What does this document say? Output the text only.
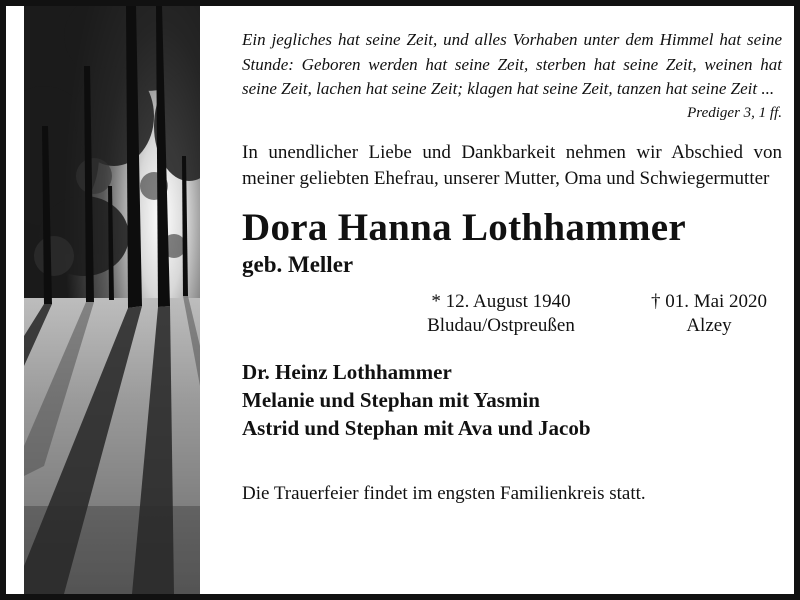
Ein jegliches hat seine Zeit, und alles Vorhaben unter dem Himmel hat seine Stunde: Geboren werden hat seine Zeit, sterben hat seine Zeit, weinen hat seine Zeit, lachen hat seine Zeit; klagen hat seine Zeit, tanzen hat seine Zeit ...

Prediger 3, 1 ff.
In unendlicher Liebe und Dankbarkeit nehmen wir Abschied von meiner geliebten Ehefrau, unserer Mutter, Oma und Schwiegermutter
Dora Hanna Lothhammer
geb. Meller
* 12. August 1940
Bludau/Ostpreußen
† 01. Mai 2020
Alzey
Dr. Heinz Lothhammer
Melanie und Stephan mit Yasmin
Astrid und Stephan mit Ava und Jacob
Die Trauerfeier findet im engsten Familienkreis statt.
